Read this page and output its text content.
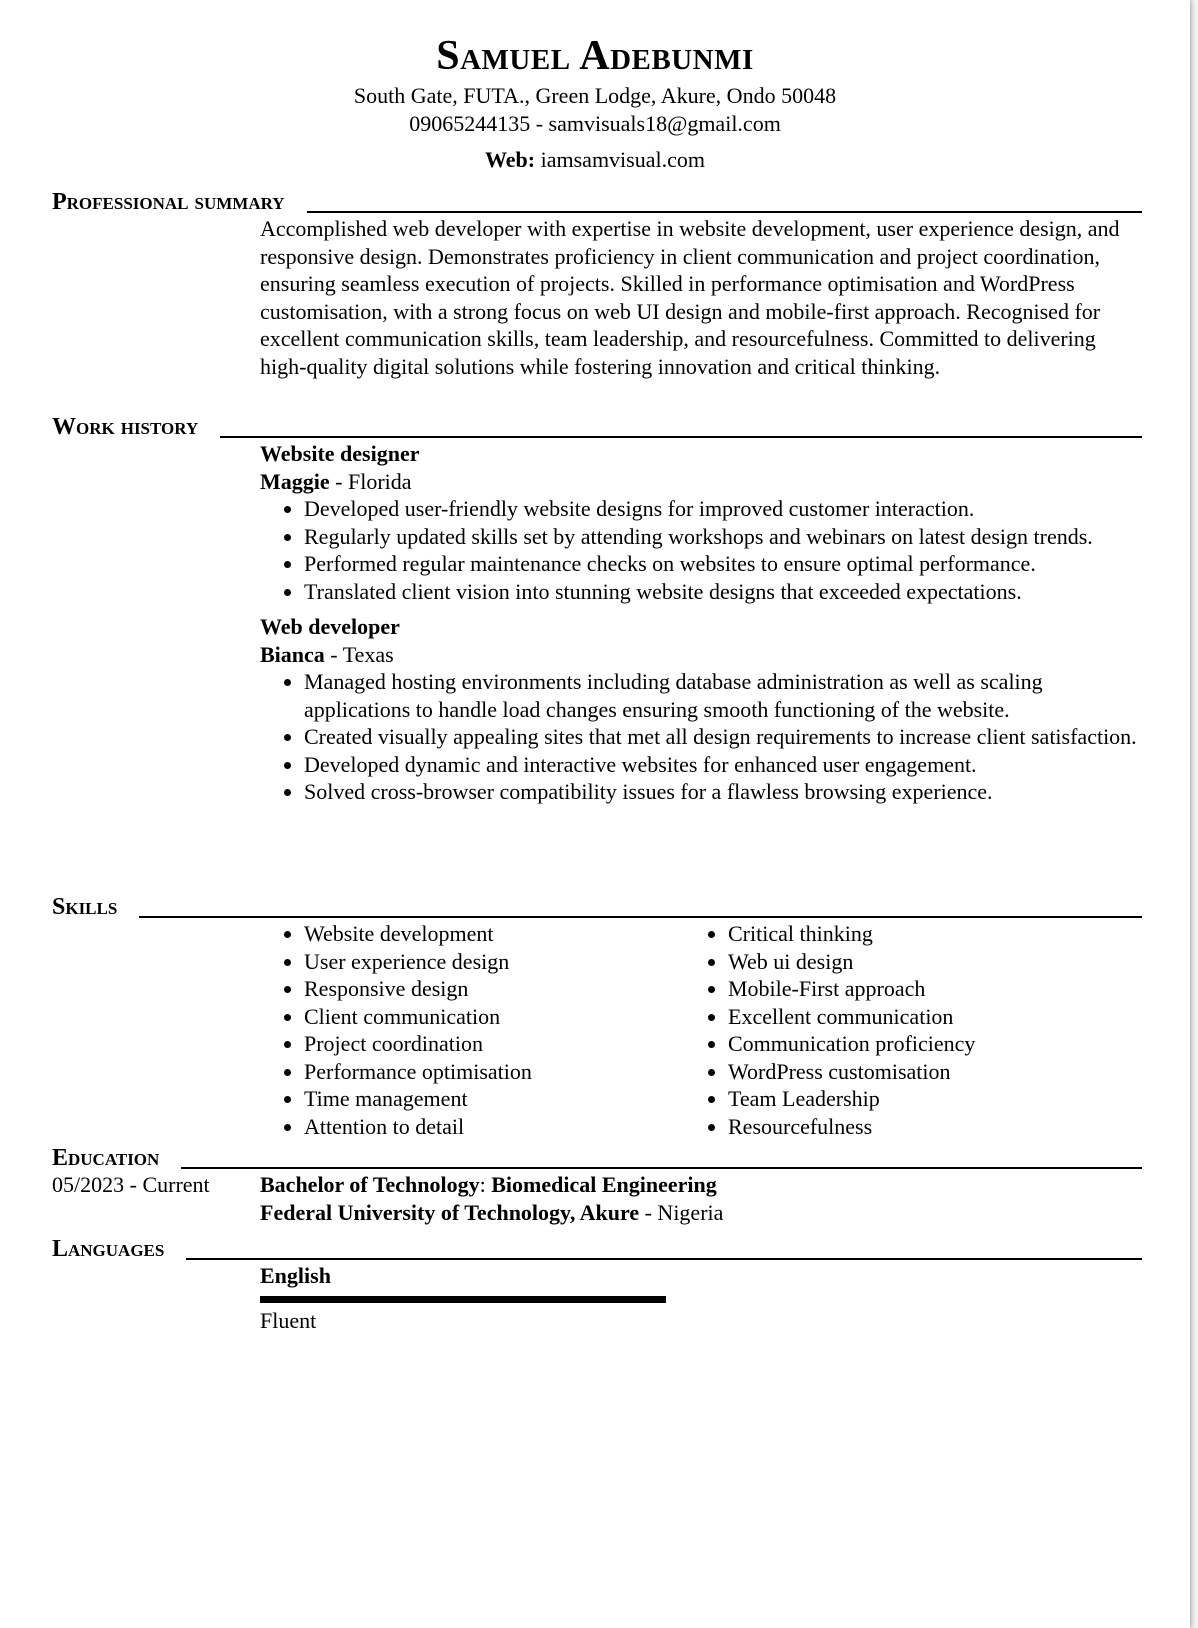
Samuel Adebunmi
South Gate, FUTA., Green Lodge, Akure, Ondo 50048
09065244135 - samvisuals18@gmail.com
Web: iamsamvisual.com
Professional summary

Accomplished web developer with expertise in website development, user experience design, and responsive design. Demonstrates proficiency in client communication and project coordination, ensuring seamless execution of projects. Skilled in performance optimisation and WordPress customisation, with a strong focus on web UI design and mobile-first approach. Recognised for excellent communication skills, team leadership, and resourcefulness. Committed to delivering high-quality digital solutions while fostering innovation and critical thinking.

Work history
Website designer
Maggie - Florida
• Developed user-friendly website designs for improved customer interaction.
• Regularly updated skills set by attending workshops and webinars on latest design trends.
• Performed regular maintenance checks on websites to ensure optimal performance.
• Translated client vision into stunning website designs that exceeded expectations.
Web developer
Bianca - Texas
• Managed hosting environments including database administration as well as scaling applications to handle load changes ensuring smooth functioning of the website.
• Created visually appealing sites that met all design requirements to increase client satisfaction.
• Developed dynamic and interactive websites for enhanced user engagement.
• Solved cross-browser compatibility issues for a flawless browsing experience.
Skills
• Website development
• User experience design
• Responsive design
• Client communication
• Project coordination
• Performance optimisation
• Time management
• Attention to detail
• Critical thinking
• Web ui design
• Mobile-First approach
• Excellent communication
• Communication proficiency
• WordPress customisation
• Team Leadership
• Resourcefulness
Education
05/2023 - Current Bachelor of Technology: Biomedical Engineering
Federal University of Technology, Akure - Nigeria
Languages
English
Fluent
